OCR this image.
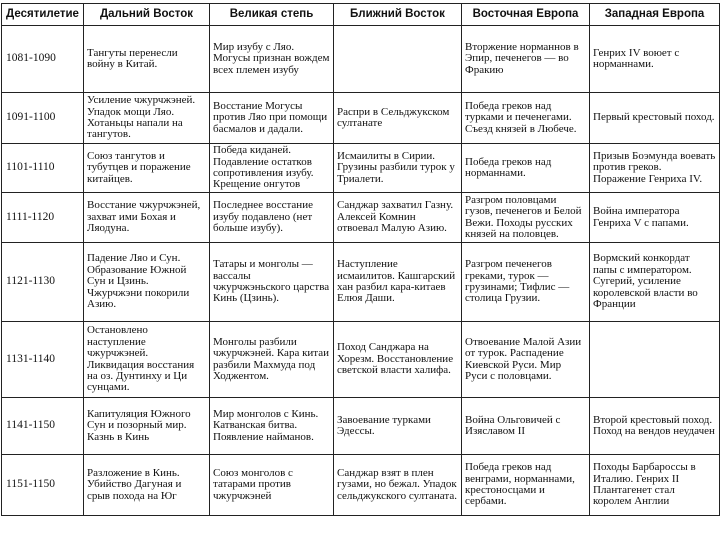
Десятилетие	Дальний Восток	Великая степь	Ближний Восток	Восточная Европа	Западная Европа
1081-1090	Тангуты перенесли войну в Китай.	Мир изубу с Ляо. Могусы признан вождем всех племен изубу		Вторжение норманнов в Эпир, печенегов — во Фракию	Генрих IV воюет с норманнами.

1091-1100	Усиление чжурчжэней. Упадок мощи Ляо. Хотаньцы напали на тангутов.	Восстание Могусы против Ляо при помощи басмалов и дадали.	Распри в Сельджукском султанате	Победа греков над турками и печенегами. Съезд князей в Любече.	Первый крестовый поход.

1101-1110	Союз тангутов и тубутцев и поражение китайцев.	Победа киданей. Подавление остатков сопротивления изубу. Крещение онгутов	Исмаилиты в Сирии. Грузины разбили турок у Триалети.	Победа греков над норманнами.	Призыв Боэмунда воевать против греков. Поражение Генриха IV.

1111-1120	Восстание чжурчжэней, захват ими Бохая и Ляодуна.	Последнее восстание изубу подавлено (нет больше изубу).	Санджар захватил Газну. Алексей Комнин отвоевал Малую Азию.	Разгром половцами гузов, печенегов и Белой Вежи. Походы русских князей на половцев.	Война императора Генриха V с папами.

1121-1130	Падение Ляо и Сун. Образование Южной Сун и Цзинь. Чжурчжэни покорили Азию.	Татары и монголы — вассалы чжурчжэньского царства Кинь (Цзинь).	Наступление исмаилитов. Кашгарский хан разбил кара-китаев Елюя Даши.	Разгром печенегов греками, турок — грузинами; Тифлис — столица Грузии.	Вормский конкордат папы с императором. Сугерий, усиление королевской власти во Франции

1131-1140	Остановлено наступление чжурчжэней. Ликвидация восстания на оз. Дунтинху и Ци сунцами.	Монголы разбили чжурчжэней. Кара китаи разбили Махмуда под Ходжентом.	Поход Санджара на Хорезм. Восстановление светской власти халифа.	Отвоевание Малой Азии от турок. Распадение Киевской Руси. Мир Руси с половцами.	

1141-1150	Капитуляция Южного Сун и позорный мир. Казнь в Кинь	Мир монголов с Кинь. Катванская битва. Появление найманов.	Завоевание турками Эдессы.	Война Ольговичей с Изяславом II	Второй крестовый поход. Поход на вендов неудачен

1151-1150	Разложение в Кинь. Убийство Дагуная и срыв похода на Юг	Союз монголов с татарами против чжурчжэней	Санджар взят в плен гузами, но бежал. Упадок сельджукского султаната.	Победа греков над венграми, норманнами, крестоносцами и сербами.	Походы Барбароссы в Италию. Генрих II Плантагенет стал королем Англии
